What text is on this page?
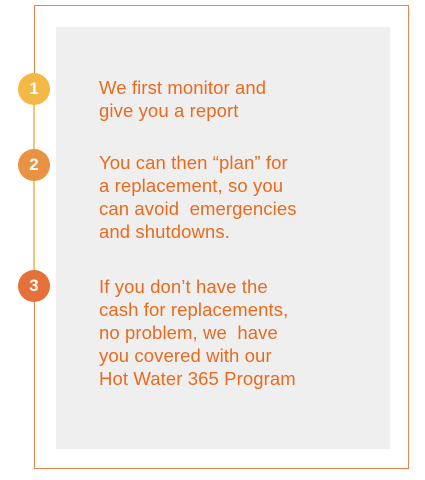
1
2
3

We first monitor and
give you a report

You can then “plan” for
a replacement, so you
can avoid  emergencies
and shutdowns.

If you don’t have the
cash for replacements,
no problem, we  have
you covered with our
Hot Water 365 Program
